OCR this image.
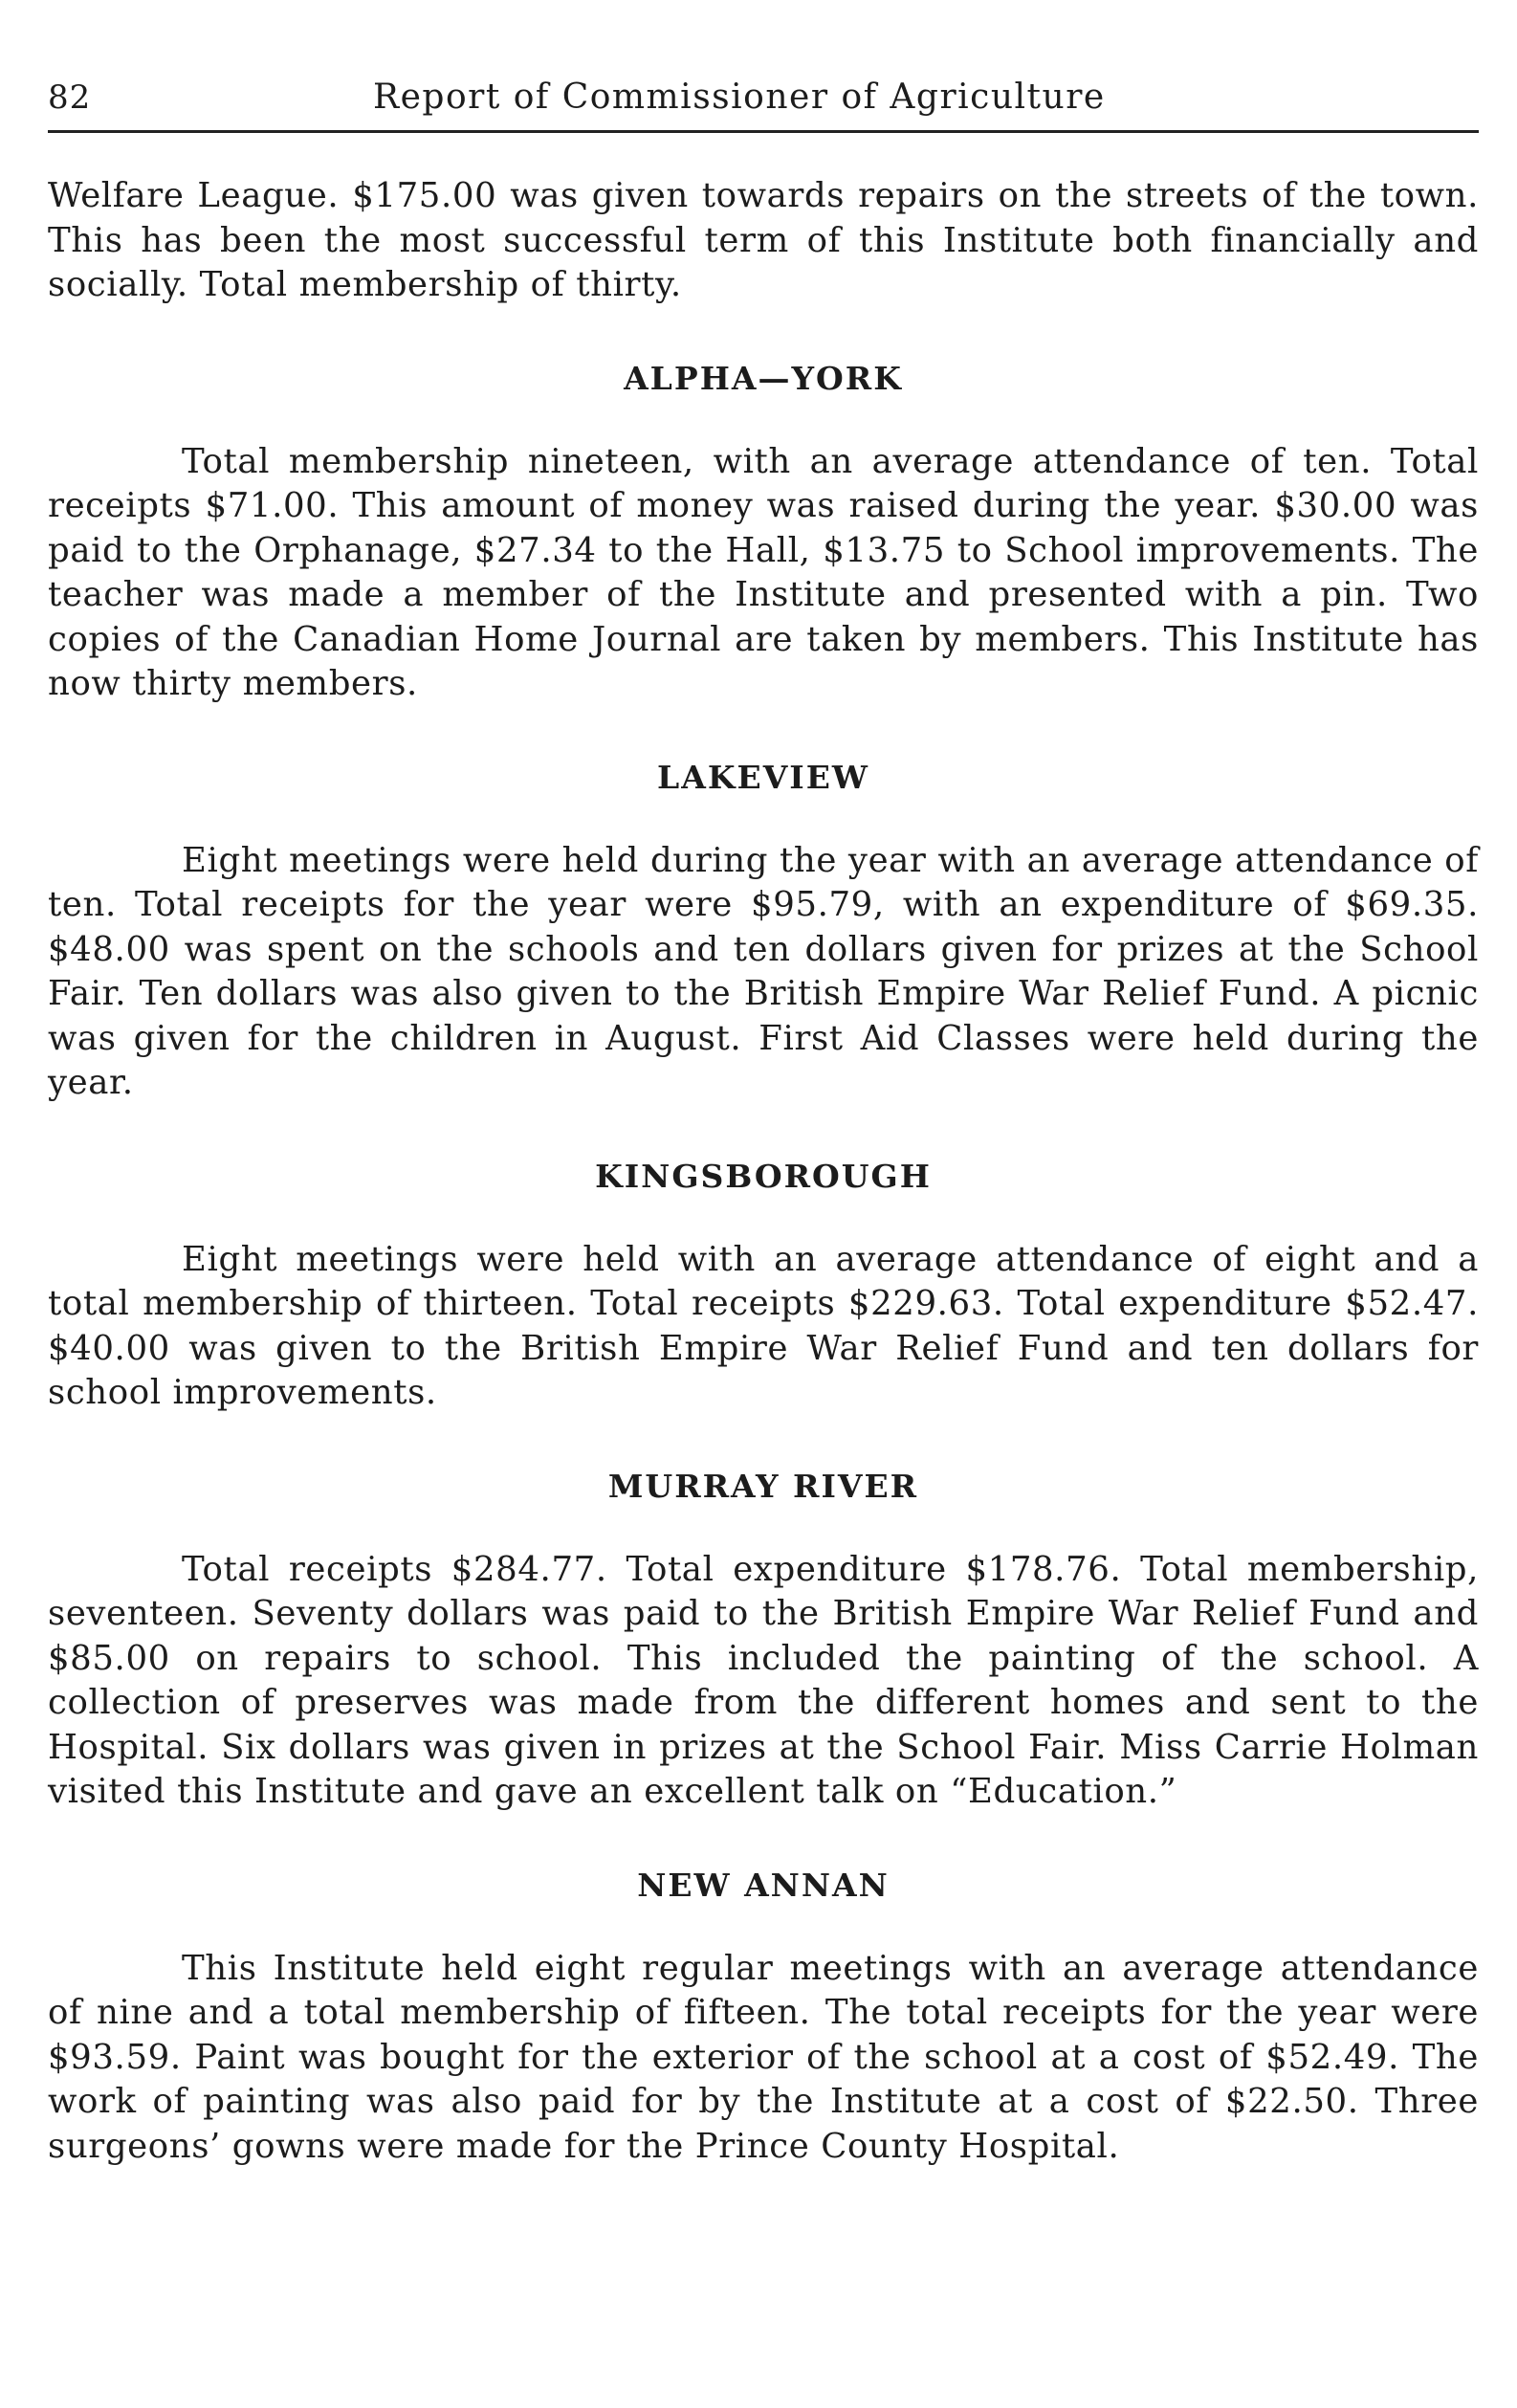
82	Report of Commissioner of Agriculture

Welfare League. $175.00 was given towards repairs on the streets of the town. This has been the most successful term of this Institute both financially and socially. Total membership of thirty.

ALPHA—YORK

Total membership nineteen, with an average attendance of ten. Total receipts $71.00. This amount of money was raised during the year. $30.00 was paid to the Orphanage, $27.34 to the Hall, $13.75 to School improvements. The teacher was made a member of the Institute and presented with a pin. Two copies of the Canadian Home Journal are taken by members. This Institute has now thirty members.

LAKEVIEW

Eight meetings were held during the year with an average attendance of ten. Total receipts for the year were $95.79, with an expenditure of $69.35. $48.00 was spent on the schools and ten dollars given for prizes at the School Fair. Ten dollars was also given to the British Empire War Relief Fund. A picnic was given for the children in August. First Aid Classes were held during the year.

KINGSBOROUGH

Eight meetings were held with an average attendance of eight and a total membership of thirteen. Total receipts $229.63. Total expenditure $52.47. $40.00 was given to the British Empire War Relief Fund and ten dollars for school improvements.

MURRAY RIVER

Total receipts $284.77. Total expenditure $178.76. Total membership, seventeen. Seventy dollars was paid to the British Empire War Relief Fund and $85.00 on repairs to school. This included the painting of the school. A collection of preserves was made from the different homes and sent to the Hospital. Six dollars was given in prizes at the School Fair. Miss Carrie Holman visited this Institute and gave an excellent talk on “Education.”

NEW ANNAN

This Institute held eight regular meetings with an average attendance of nine and a total membership of fifteen. The total receipts for the year were $93.59. Paint was bought for the exterior of the school at a cost of $52.49. The work of painting was also paid for by the Institute at a cost of $22.50. Three surgeons’ gowns were made for the Prince County Hospital.
